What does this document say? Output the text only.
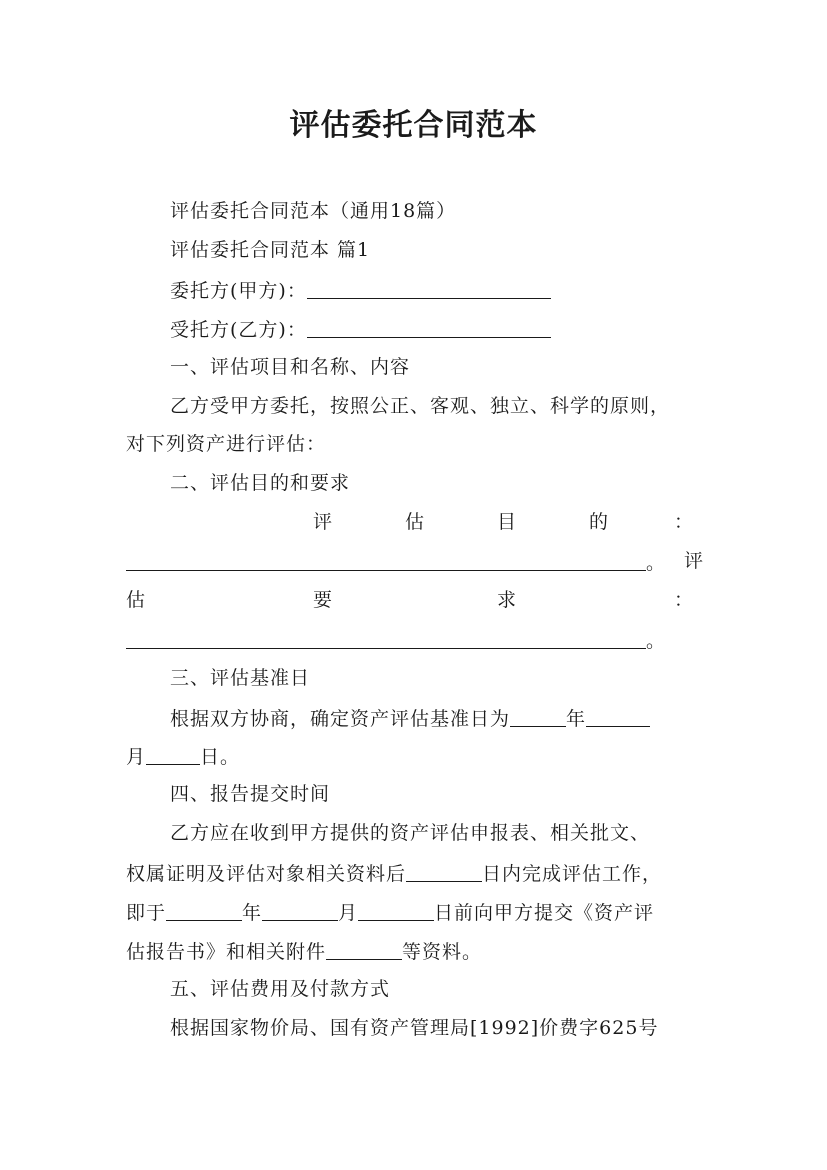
评估委托合同范本
评估委托合同范本（通用18篇）
评估委托合同范本 篇1
委托方(甲方)：
受托方(乙方)：
一、评估项目和名称、内容
乙方受甲方委托，按照公正、客观、独立、科学的原则，
对下列资产进行评估：
二、评估目的和要求
评	估	目	的	：
。 评
估	要	求	：
。
三、评估基准日
根据双方协商，确定资产评估基准日为	年
月	日。
四、报告提交时间
乙方应在收到甲方提供的资产评估申报表、相关批文、
权属证明及评估对象相关资料后	日内完成评估工作，
即于	年	月	日前向甲方提交《资产评
估报告书》和相关附件	等资料。
五、评估费用及付款方式
根据国家物价局、国有资产管理局[1992]价费字625号
